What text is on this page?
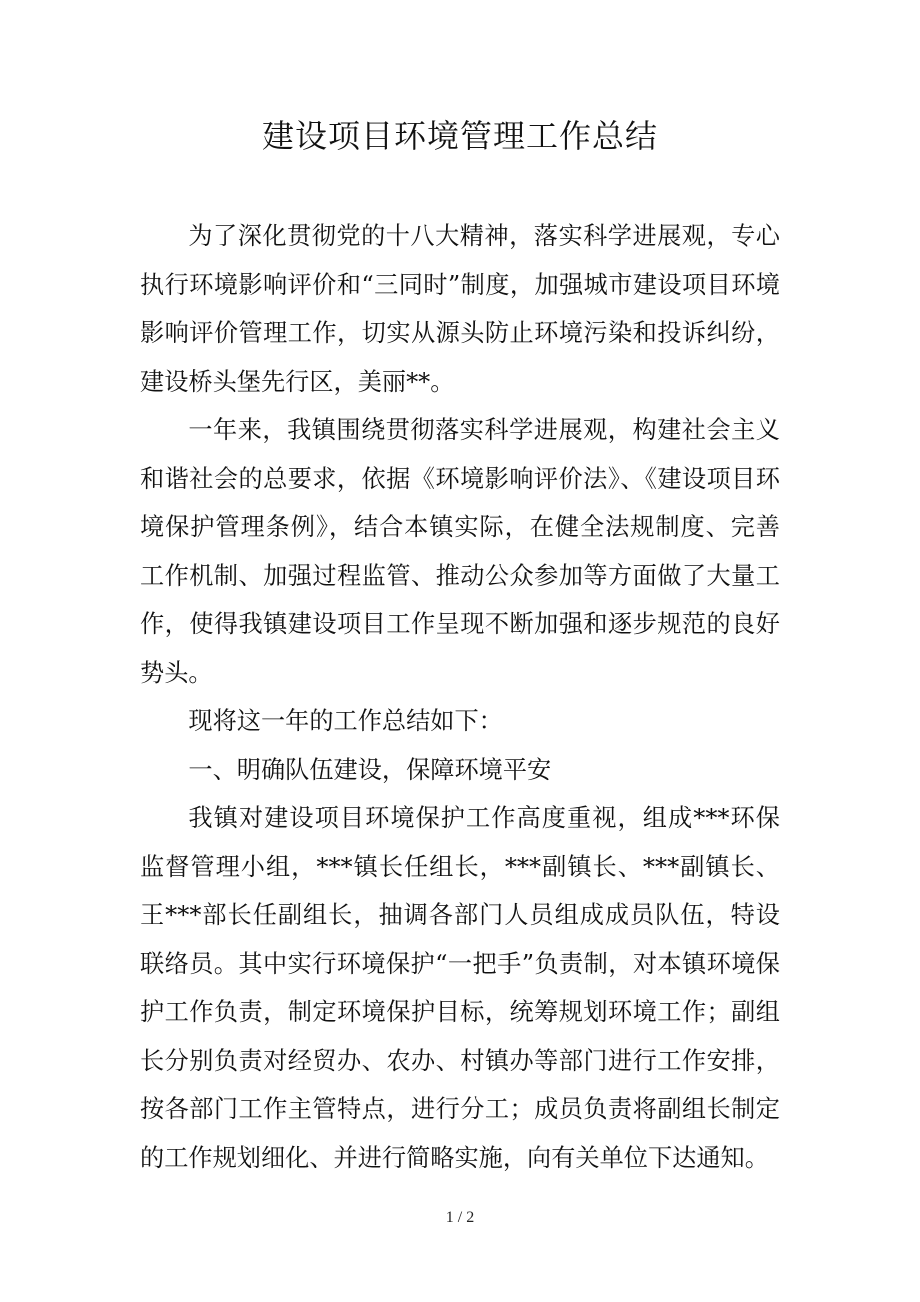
建设项目环境管理工作总结

为了深化贯彻党的十八大精神，落实科学进展观，专心执行环境影响评价和“三同时”制度，加强城市建设项目环境影响评价管理工作，切实从源头防止环境污染和投诉纠纷，建设桥头堡先行区，美丽**。

一年来，我镇围绕贯彻落实科学进展观，构建社会主义和谐社会的总要求，依据《环境影响评价法》、《建设项目环境保护管理条例》，结合本镇实际，在健全法规制度、完善工作机制、加强过程监管、推动公众参加等方面做了大量工作，使得我镇建设项目工作呈现不断加强和逐步规范的良好势头。

现将这一年的工作总结如下：

一、明确队伍建设，保障环境平安

我镇对建设项目环境保护工作高度重视，组成***环保监督管理小组，***镇长任组长，***副镇长、***副镇长、王***部长任副组长，抽调各部门人员组成成员队伍，特设联络员。其中实行环境保护“一把手”负责制，对本镇环境保护工作负责，制定环境保护目标，统筹规划环境工作；副组长分别负责对经贸办、农办、村镇办等部门进行工作安排，按各部门工作主管特点，进行分工；成员负责将副组长制定的工作规划细化、并进行简略实施，向有关单位下达通知。

1 / 2
